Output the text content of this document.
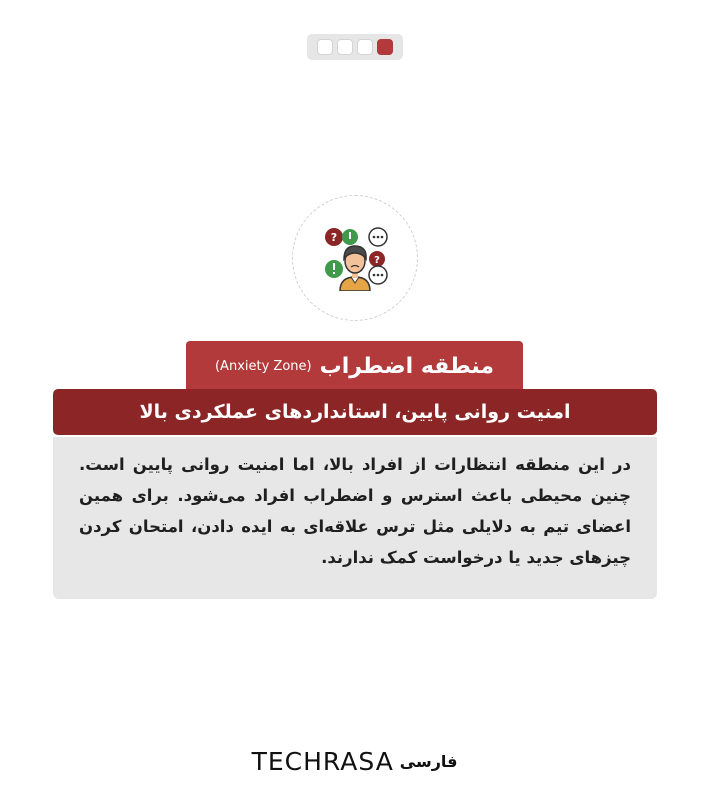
?
?
منطقه اضطراب
(Anxiety Zone)
امنیت روانی پایین، استانداردهای عملکردی بالا
در این منطقه انتظارات از افراد بالا، اما امنیت روانی پایین است. چنین محیطی باعث استرس و اضطراب افراد می‌شود. برای همین اعضای تیم به دلایلی مثل ترس علاقه‌ای به ایده دادن، امتحان کردن چیزهای جدید یا درخواست کمک ندارند.
TECHRASA فارسی
